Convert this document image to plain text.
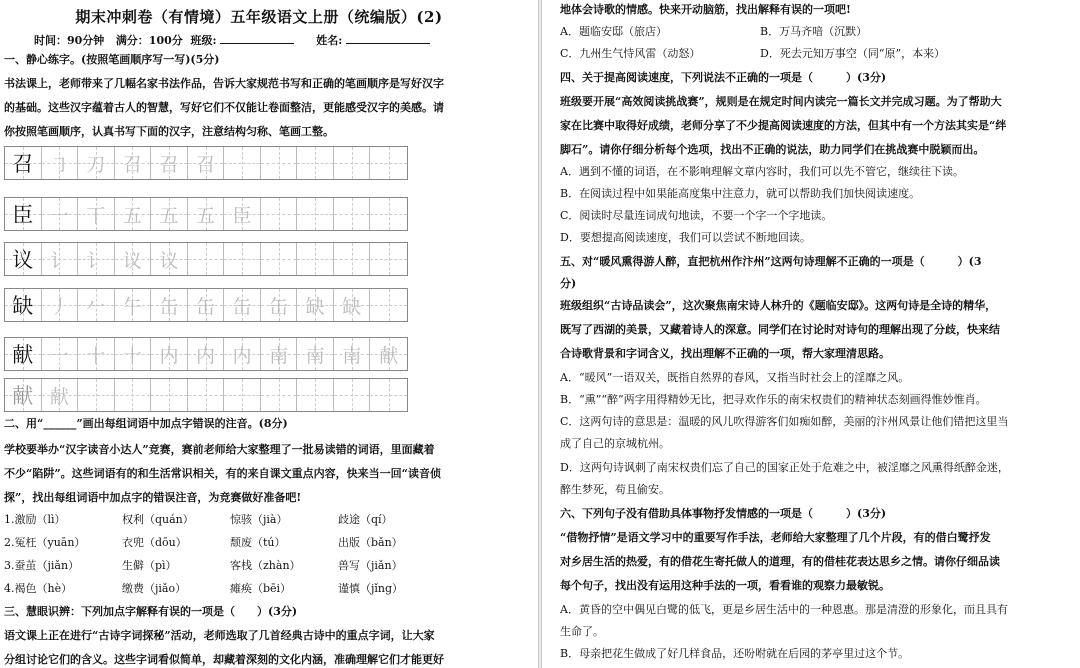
期末冲刺卷（有情境）五年级语文上册（统编版）(2)
时间：90分钟 满分：100分 班级:	姓名:
一、静心练字。(按照笔画顺序写一写)(5分)
书法课上，老师带来了几幅名家书法作品，告诉大家规范书写和正确的笔画顺序是写好汉字
的基础。这些汉字蕴着古人的智慧，写好它们不仅能让卷面整洁，更能感受汉字的美感。请
你按照笔画顺序，认真书写下面的汉字，注意结构匀称、笔画工整。
召 ㇆ 刀 召 召 召
臣 一 丅 五 五 五 臣
议 讠 讠 议 议
缺 丿 𠂉 午 缶 缶 缶 缶 缺 缺
献 一 十 十 内 内 内 南 南 南 献
献 献
二、用“______”画出每组词语中加点字错误的注音。(8分)
学校要举办“汉字读音小达人”竞赛，赛前老师给大家整理了一批易读错的词语，里面藏着
不少“陷阱”。这些词语有的和生活常识相关，有的来自课文重点内容，快来当一回“读音侦
探”，找出每组词语中加点字的错误注音，为竞赛做好准备吧!
1.激励（lì）	权利（quán）	惊骇（jià）	歧途（qí）
2.冤枉（yuān）	衣兜（dōu）	颓废（tú）	出版（bǎn）
3.蚕茧（jiǎn）	生僻（pì）	客栈（zhàn）	兽写（jiǎn）
4.褐色（hè）	缴费（jiǎo）	瘫痪（bēi）	谨慎（jǐng）
三、慧眼识辨：下列加点字解释有误的一项是（　　）(3分)
语文课上正在进行“古诗字词探秘”活动，老师选取了几首经典古诗中的重点字词，让大家
分组讨论它们的含义。这些字词看似简单，却藏着深刻的文化内涵，准确理解它们才能更好
地体会诗歌的情感。快来开动脑筋，找出解释有误的一项吧!
A．题临安邸（旅店）	B．万马齐喑（沉默）
C．九州生气恃风雷（动怒）	D．死去元知万事空（同“原”，本来）
四、关于提高阅读速度，下列说法不正确的一项是（　　　）(3分)
班级要开展“高效阅读挑战赛”，规则是在规定时间内读完一篇长文并完成习题。为了帮助大
家在比赛中取得好成绩，老师分享了不少提高阅读速度的方法，但其中有一个方法其实是“绊
脚石”。请你仔细分析每个选项，找出不正确的说法，助力同学们在挑战赛中脱颖而出。
A．遇到不懂的词语，在不影响理解文章内容时，我们可以先不管它，继续往下读。
B．在阅读过程中如果能高度集中注意力，就可以帮助我们加快阅读速度。
C．阅读时尽量连词成句地读，不要一个字一个字地读。
D．要想提高阅读速度，我们可以尝试不断地回读。
五、对“暖风熏得游人醉，直把杭州作汴州”这两句诗理解不正确的一项是（　　　）(3
分)
班级组织“古诗品读会”，这次聚焦南宋诗人林升的《题临安邸》。这两句诗是全诗的精华，
既写了西湖的美景，又藏着诗人的深意。同学们在讨论时对诗句的理解出现了分歧，快来结
合诗歌背景和字词含义，找出理解不正确的一项，帮大家理清思路。
A．“暖风”一语双关，既指自然界的春风，又指当时社会上的淫靡之风。
B．“熏”“醉”两字用得精妙无比，把寻欢作乐的南宋权贵们的精神状态刻画得惟妙惟肖。
C．这两句诗的意思是：温暖的风儿吹得游客们如痴如醉，美丽的汴州风景让他们错把这里当
成了自己的京城杭州。
D．这两句诗讽刺了南宋权贵们忘了自己的国家正处于危难之中，被淫靡之风熏得纸醉金迷，
醉生梦死，苟且偷安。
六、下列句子没有借助具体事物抒发情感的一项是（　　　）(3分)
“借物抒情”是语文学习中的重要写作手法，老师给大家整理了几个片段，有的借白鹭抒发
对乡居生活的热爱，有的借花生寄托做人的道理，有的借桂花表达思乡之情。请你仔细品读
每个句子，找出没有运用这种手法的一项，看看谁的观察力最敏锐。
A．黄昏的空中偶见白鹭的低飞，更是乡居生活中的一种恩惠。那是清澄的形象化，而且具有
生命了。
B．母亲把花生做成了好几样食品，还吩咐就在后园的茅亭里过这个节。
